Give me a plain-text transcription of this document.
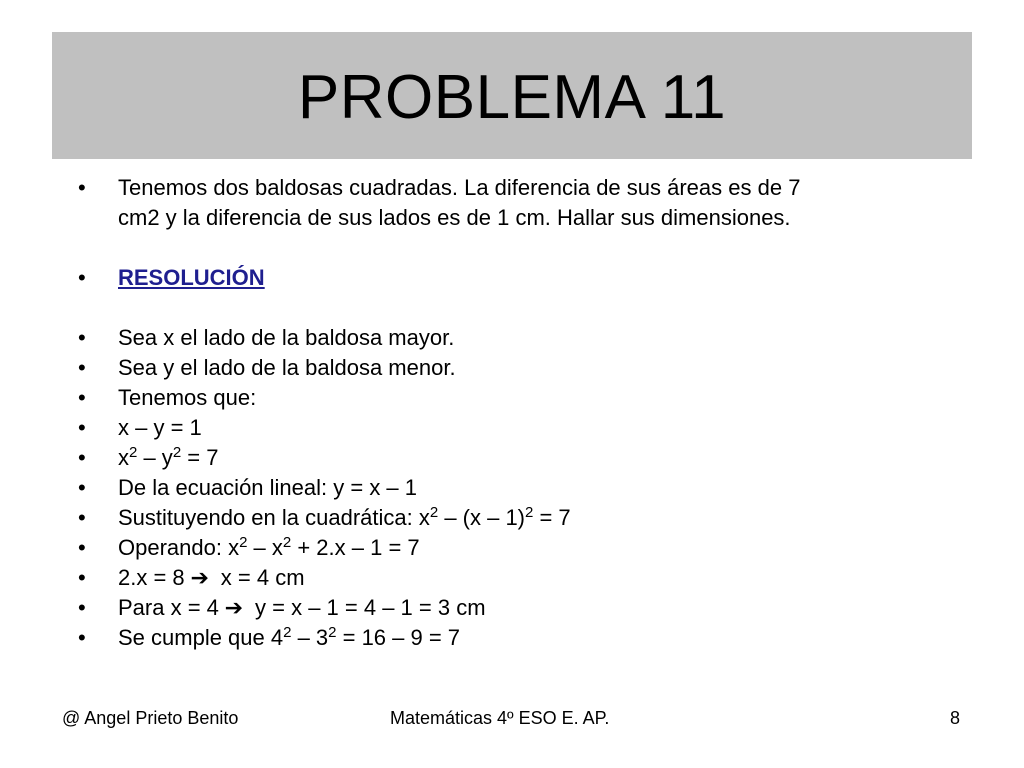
PROBLEMA 11
•	Tenemos dos baldosas cuadradas. La diferencia de sus áreas es de 7
cm2 y la diferencia de sus lados es de 1 cm. Hallar sus dimensiones.
•	RESOLUCIÓN
•	Sea x el lado de la baldosa mayor.
•	Sea y el lado de la baldosa menor.
•	Tenemos que:
•	x – y = 1
•	$x^2 - y^2 = 7$
•	De la ecuación lineal: y = x – 1
•	Sustituyendo en la cuadrática: $x^2 - (x - 1)^2 = 7$
•	Operando: $x^2 - x^2 + 2.x - 1 = 7$
•	2.x = 8 ➔ x = 4 cm
•	Para x = 4 ➔ y = x – 1 = 4 – 1 = 3 cm
•	Se cumple que $4^2 - 3^2 = 16 - 9 = 7$
@ Angel Prieto Benito	Matemáticas 4º ESO E. AP.	8
